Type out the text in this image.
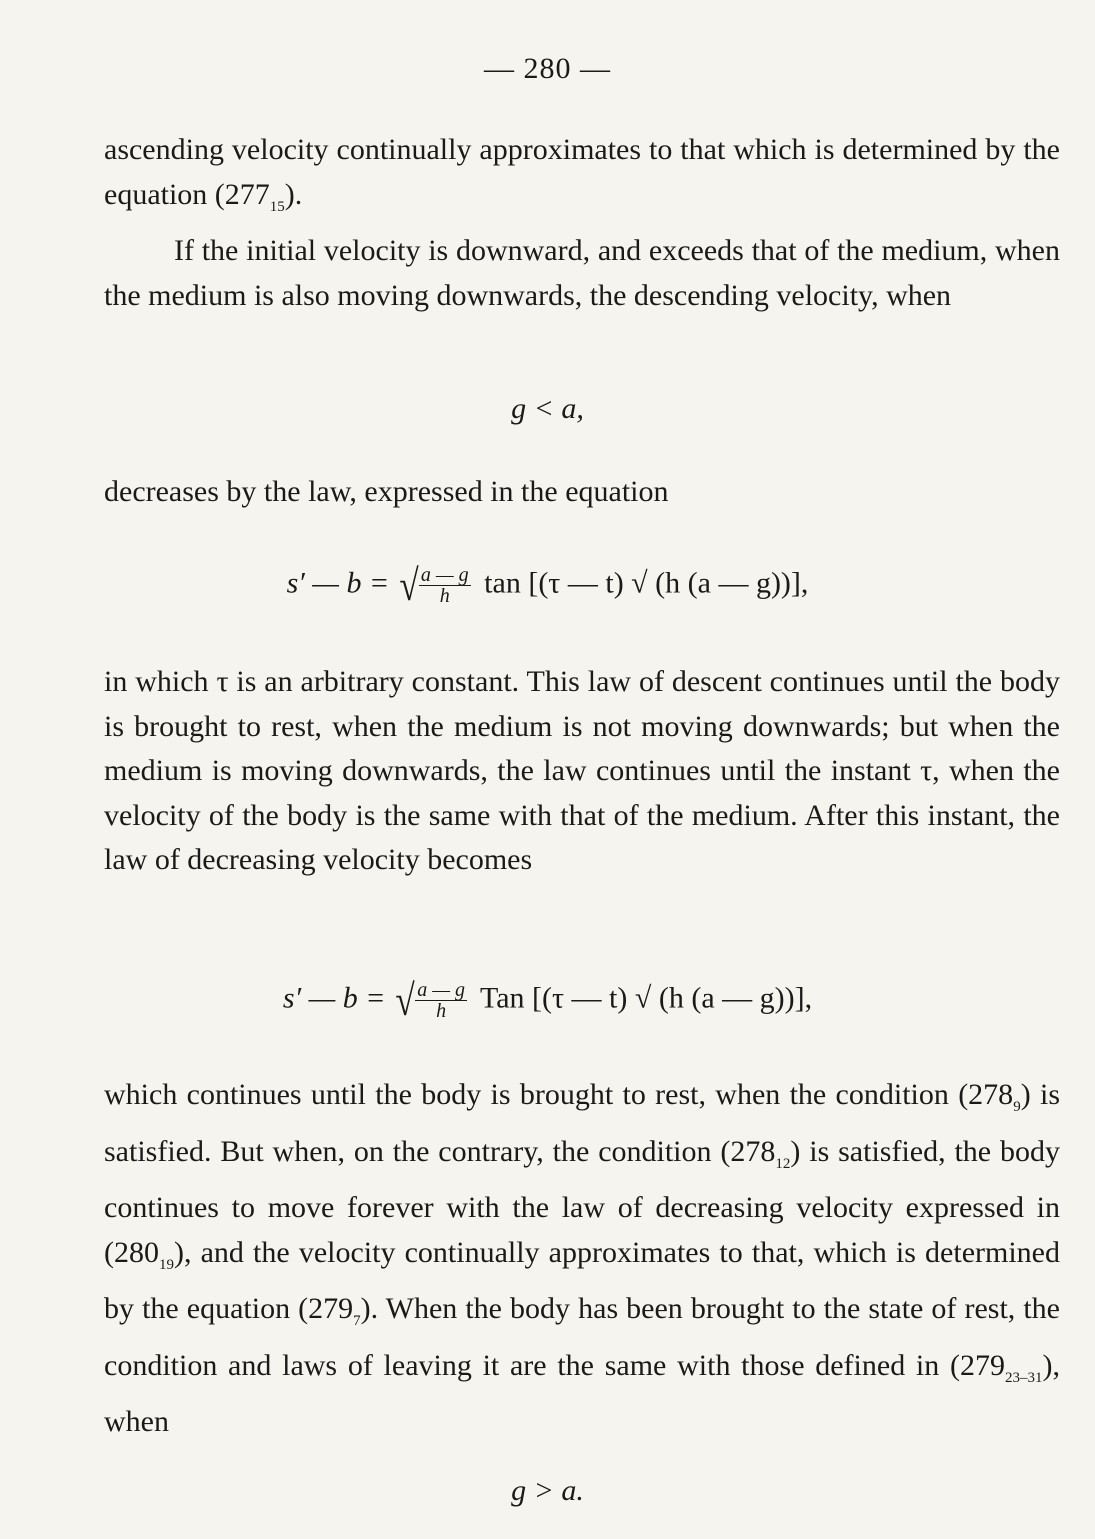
— 280 —

ascending velocity continually approximates to that which is determined by the equation $(277_{15})$.

If the initial velocity is downward, and exceeds that of the medium, when the medium is also moving downwards, the descending velocity, when

g < a,

decreases by the law, expressed in the equation

s′ — b = √ $\frac{a — g}{h}$ tan [(τ — t) √ (h (a — g))],

in which τ is an arbitrary constant. This law of descent continues until the body is brought to rest, when the medium is not moving downwards; but when the medium is moving downwards, the law continues until the instant τ, when the velocity of the body is the same with that of the medium. After this instant, the law of decreasing velocity becomes

s′ — b = √ $\frac{a — g}{h}$ Tan [(τ — t) √ (h (a — g))],

which continues until the body is brought to rest, when the condition $(278_9)$ is satisfied. But when, on the contrary, the condition $(278_{12})$ is satisfied, the body continues to move forever with the law of decreasing velocity expressed in $(280_{19})$, and the velocity continually approximates to that, which is determined by the equation $(279_7)$. When the body has been brought to the state of rest, the condition and laws of leaving it are the same with those defined in $(279_{23-31})$, when

g > a.
